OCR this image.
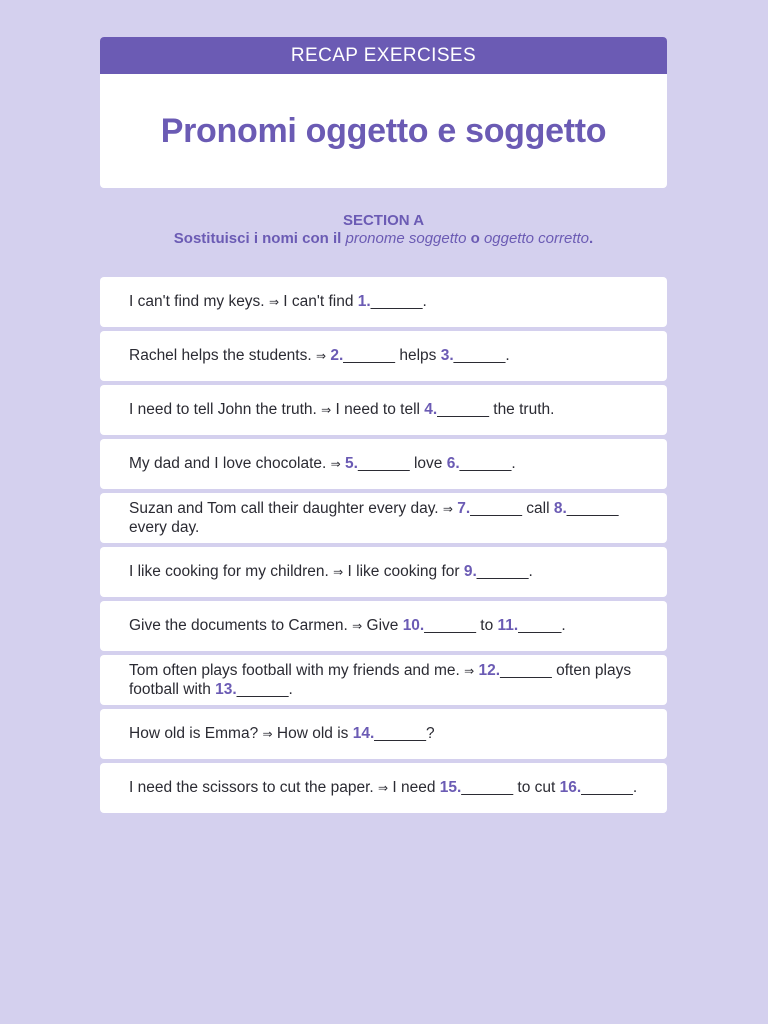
RECAP EXERCISES
Pronomi oggetto e soggetto
SECTION A
Sostituisci i nomi con il pronome soggetto o oggetto corretto.
I can't find my keys. ⇒ I can't find 1.______.
Rachel helps the students. ⇒ 2.______ helps 3.______.
I need to tell John the truth. ⇒ I need to tell 4.______ the truth.
My dad and I love chocolate. ⇒ 5.______ love 6.______.
Suzan and Tom call their daughter every day. ⇒ 7.______ call 8.______ every day.
I like cooking for my children. ⇒ I like cooking for 9.______.
Give the documents to Carmen. ⇒ Give 10.______ to 11._____.
Tom often plays football with my friends and me. ⇒ 12.______ often plays football with 13.______.
How old is Emma? ⇒ How old is 14.______?
I need the scissors to cut the paper. ⇒ I need 15.______ to cut 16.______.
